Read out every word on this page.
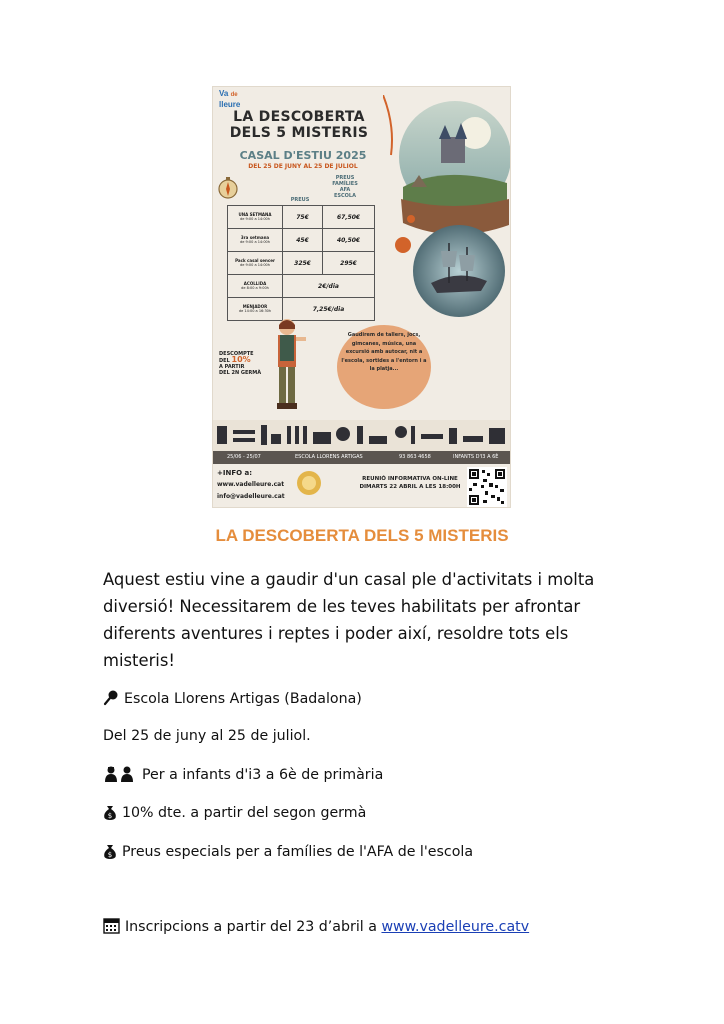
Va de
lleure
LA DESCOBERTA
DELS 5 MISTERIS
CASAL D'ESTIU 2025
DEL 25 DE JUNY AL 25 DE JULIOL
PREUS
PREUS
FAMÍLIES
AFA
ESCOLA
UNA SETMANA
de 9:00 a 14:00h	75€	67,50€

3ra setmana
de 9:00 a 14:00h	45€	40,50€

Pack casal sencer
de 9:00 a 14:00h	325€	295€

ACOLLIDA
de 8:00 a 9:00h	2€/dia	

MENJADOR
de 14:00 a 16:30h	7,25€/dia	
DESCOMPTE
DEL 10%
A PARTIR
DEL 2N GERMÀ
Gaudirem de tallers, jocs, gimcanes, música, una excursió amb autocar, nit a l'escola, sortides a l'entorn i a la platja...
25/06 - 25/07	ESCOLA LLORENS ARTIGAS	93 863 4658	INFANTS D'I3 A 6È
+INFO a:
www.vadelleure.cat
info@vadelleure.cat
REUNIÓ INFORMATIVA ON-LINE
DIMARTS 22 ABRIL A LES 18:00H
LA DESCOBERTA DELS 5 MISTERIS
Aquest estiu vine a gaudir d'un casal ple d'activitats i molta diversió! Necessitarem de les teves habilitats per afrontar diferents aventures i reptes i poder així, resoldre tots els misteris!
Escola Llorens Artigas (Badalona)
Del 25 de juny al 25 de juliol.
Per a infants d'i3 a 6è de primària
$ 10% dte. a partir del segon germà
$ Preus especials per a famílies de l'AFA de l'escola
Inscripcions a partir del 23 d’abril a www.vadelleure.catv
